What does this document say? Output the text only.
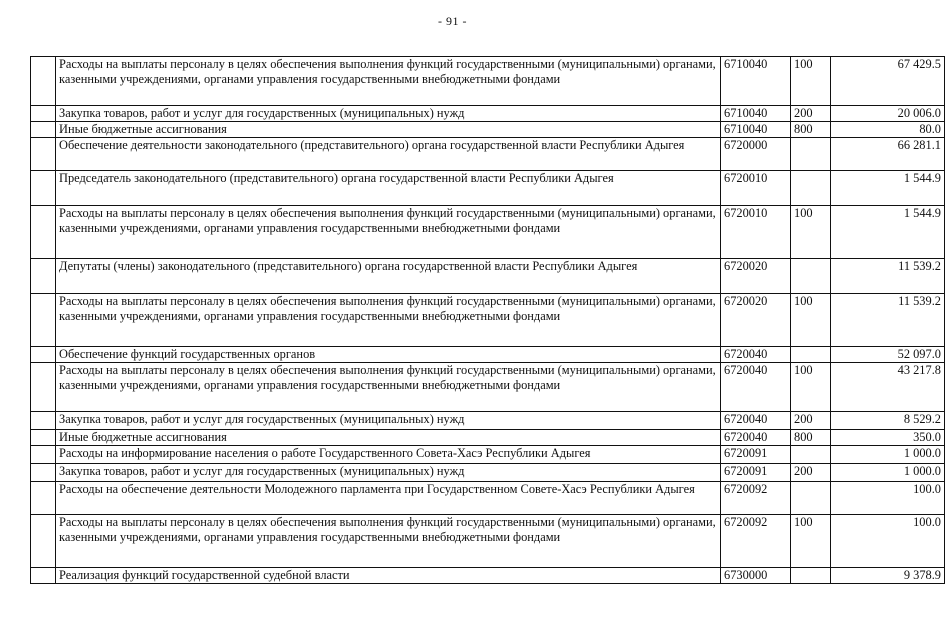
- 91 -
	Расходы на выплаты персоналу в целях обеспечения выполнения функций государственными (муниципальными) органами, казенными учреждениями, органами управления государственными внебюджетными фондами	6710040	100	67 429.5
	Закупка товаров, работ и услуг для государственных (муниципальных) нужд	6710040	200	20 006.0
	Иные бюджетные ассигнования	6710040	800	80.0
	Обеспечение деятельности законодательного (представительного) органа государственной власти Республики Адыгея	6720000		66 281.1
	Председатель законодательного (представительного) органа государственной власти Республики Адыгея	6720010		1 544.9
	Расходы на выплаты персоналу в целях обеспечения выполнения функций государственными (муниципальными) органами, казенными учреждениями, органами управления государственными внебюджетными фондами	6720010	100	1 544.9
	Депутаты (члены) законодательного (представительного) органа государственной власти Республики Адыгея	6720020		11 539.2
	Расходы на выплаты персоналу в целях обеспечения выполнения функций государственными (муниципальными) органами, казенными учреждениями, органами управления государственными внебюджетными фондами	6720020	100	11 539.2
	Обеспечение функций государственных органов	6720040		52 097.0
	Расходы на выплаты персоналу в целях обеспечения выполнения функций государственными (муниципальными) органами, казенными учреждениями, органами управления государственными внебюджетными фондами	6720040	100	43 217.8
	Закупка товаров, работ и услуг для государственных (муниципальных) нужд	6720040	200	8 529.2
	Иные бюджетные ассигнования	6720040	800	350.0
	Расходы на информирование населения о работе Государственного Совета-Хасэ Республики Адыгея	6720091		1 000.0
	Закупка товаров, работ и услуг для государственных (муниципальных) нужд	6720091	200	1 000.0
	Расходы на обеспечение деятельности Молодежного парламента при Государственном Совете-Хасэ Республики Адыгея	6720092		100.0
	Расходы на выплаты персоналу в целях обеспечения выполнения функций государственными (муниципальными) органами, казенными учреждениями, органами управления государственными внебюджетными фондами	6720092	100	100.0
	Реализация функций государственной судебной власти	6730000		9 378.9
